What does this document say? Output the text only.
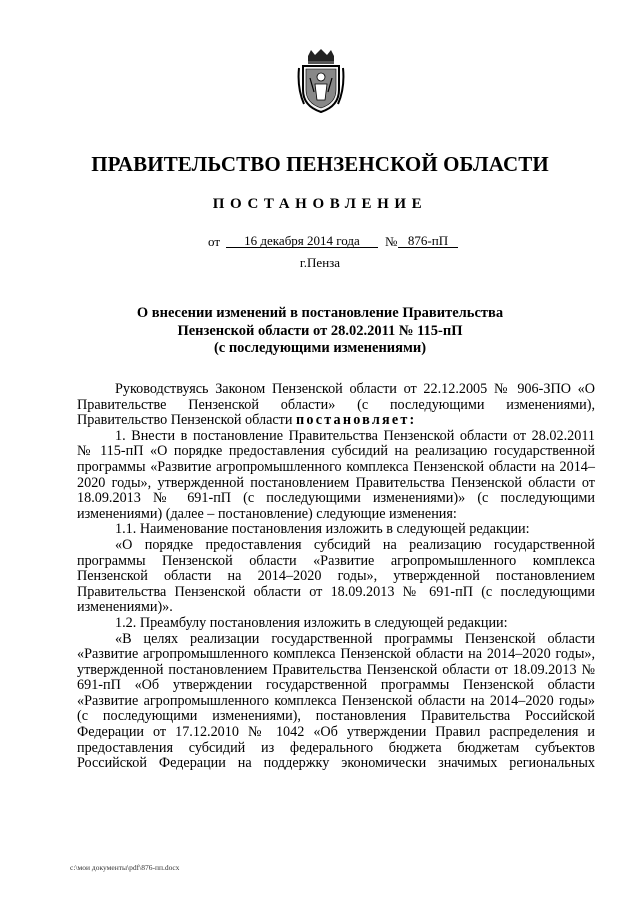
ПРАВИТЕЛЬСТВО ПЕНЗЕНСКОЙ ОБЛАСТИ
ПОСТАНОВЛЕНИЕ
от	16 декабря 2014 года	№ 876-пП
г.Пенза
О внесении изменений в постановление Правительства
Пензенской области от 28.02.2011 № 115-пП
(с последующими изменениями)

Руководствуясь Законом Пензенской области от 22.12.2005 № 906-ЗПО «О Правительстве Пензенской области» (с последующими изменениями), Правительство Пензенской области постановляет:

1. Внести в постановление Правительства Пензенской области от 28.02.2011 № 115-пП «О порядке предоставления субсидий на реализацию государственной программы «Развитие агропромышленного комплекса Пензенской области на 2014–2020 годы», утвержденной постановлением Правительства Пензенской области от 18.09.2013 № 691-пП (с последующими изменениями)» (с последующими изменениями) (далее – постановление) следующие изменения:

1.1. Наименование постановления изложить в следующей редакции:

«О порядке предоставления субсидий на реализацию государственной программы Пензенской области «Развитие агропромышленного комплекса Пензенской области на 2014–2020 годы», утвержденной постановлением Правительства Пензенской области от 18.09.2013 № 691-пП (с последующими изменениями)».

1.2. Преамбулу постановления изложить в следующей редакции:

«В целях реализации государственной программы Пензенской области «Развитие агропромышленного комплекса Пензенской области на 2014–2020 годы», утвержденной постановлением Правительства Пензенской области от 18.09.2013 № 691-пП «Об утверждении государственной программы Пензенской области «Развитие агропромышленного комплекса Пензенской области на 2014–2020 годы» (с последующими изменениями), постановления Правительства Российской Федерации от 17.12.2010 № 1042 «Об утверждении Правил распределения и предоставления субсидий из федерального бюджета бюджетам субъектов Российской Федерации на поддержку экономически значимых региональных

c:\мои документы\pdf\876-пп.docx
